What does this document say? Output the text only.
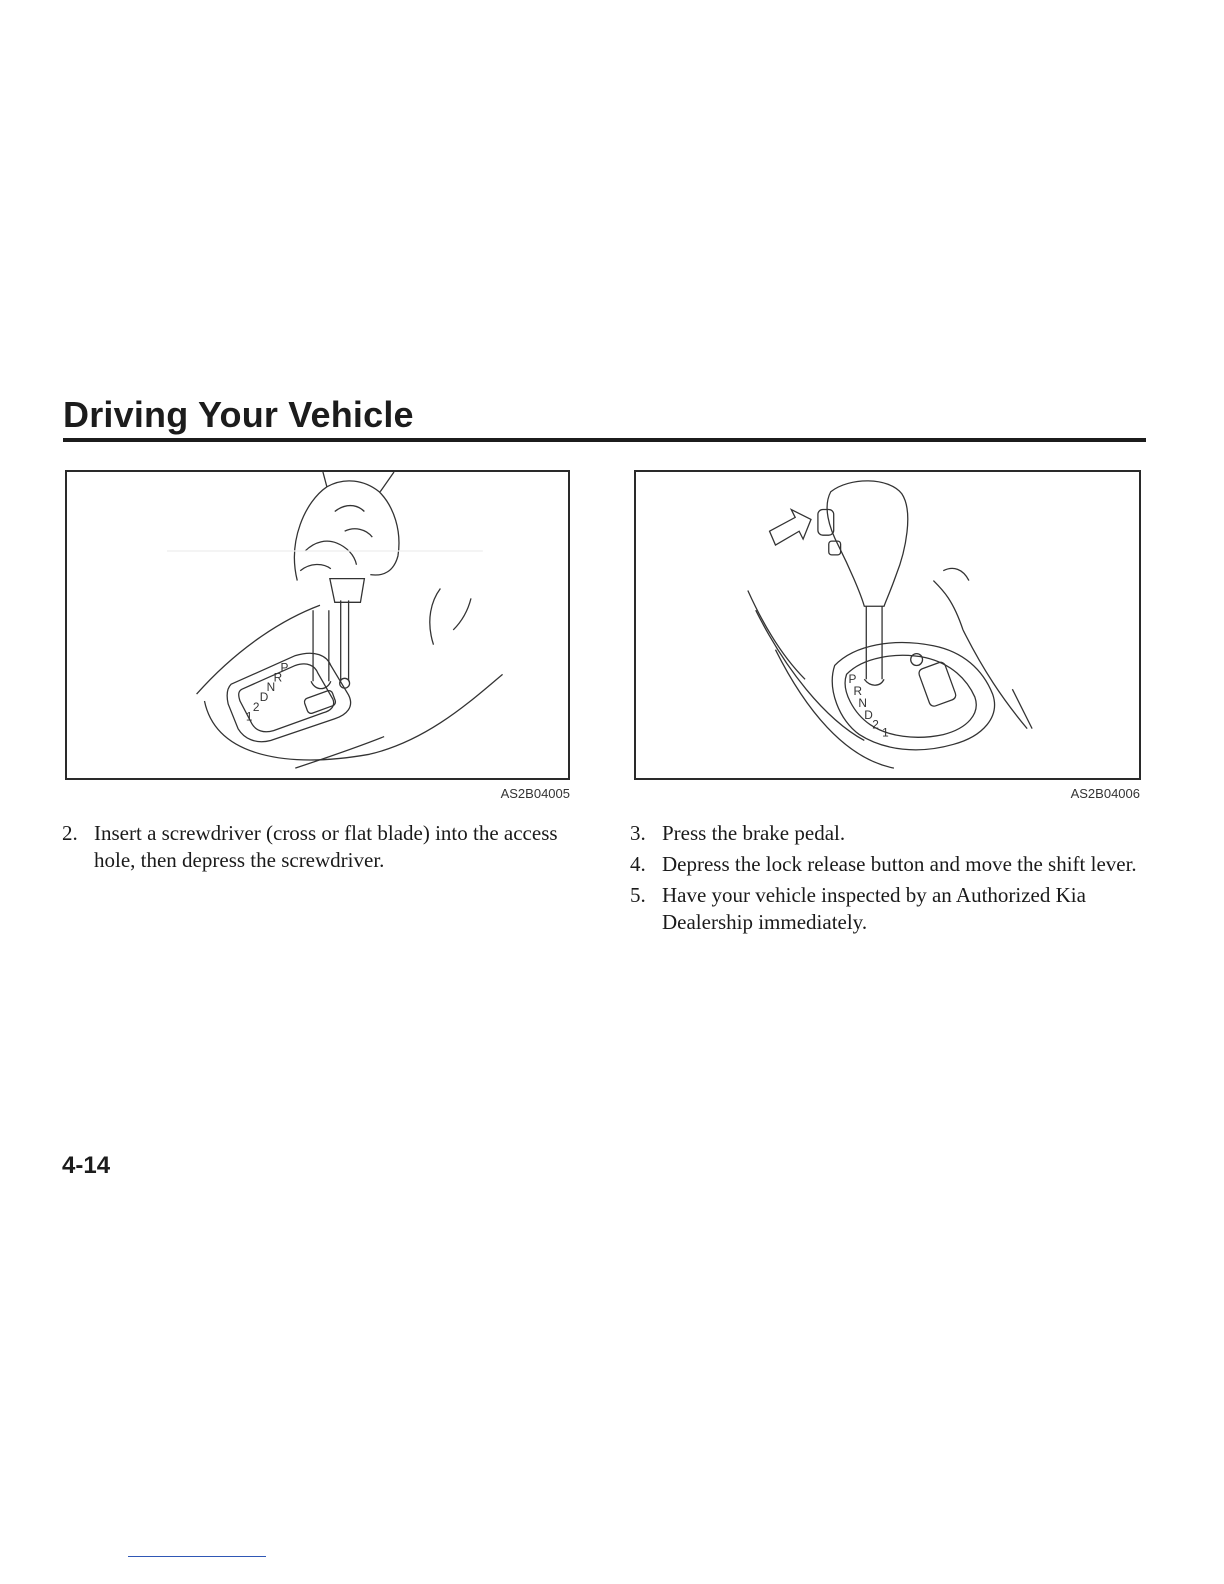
Driving Your Vehicle
P
R
N
D
2
1
AS2B04005
P
R
N
D
2
1
AS2B04006
2. Insert a screwdriver (cross or flat blade) into the access hole, then depress the screwdriver.
3. Press the brake pedal.
4. Depress the lock release button and move the shift lever.
5. Have your vehicle inspected by an Authorized Kia Dealership immediately.
4-14
